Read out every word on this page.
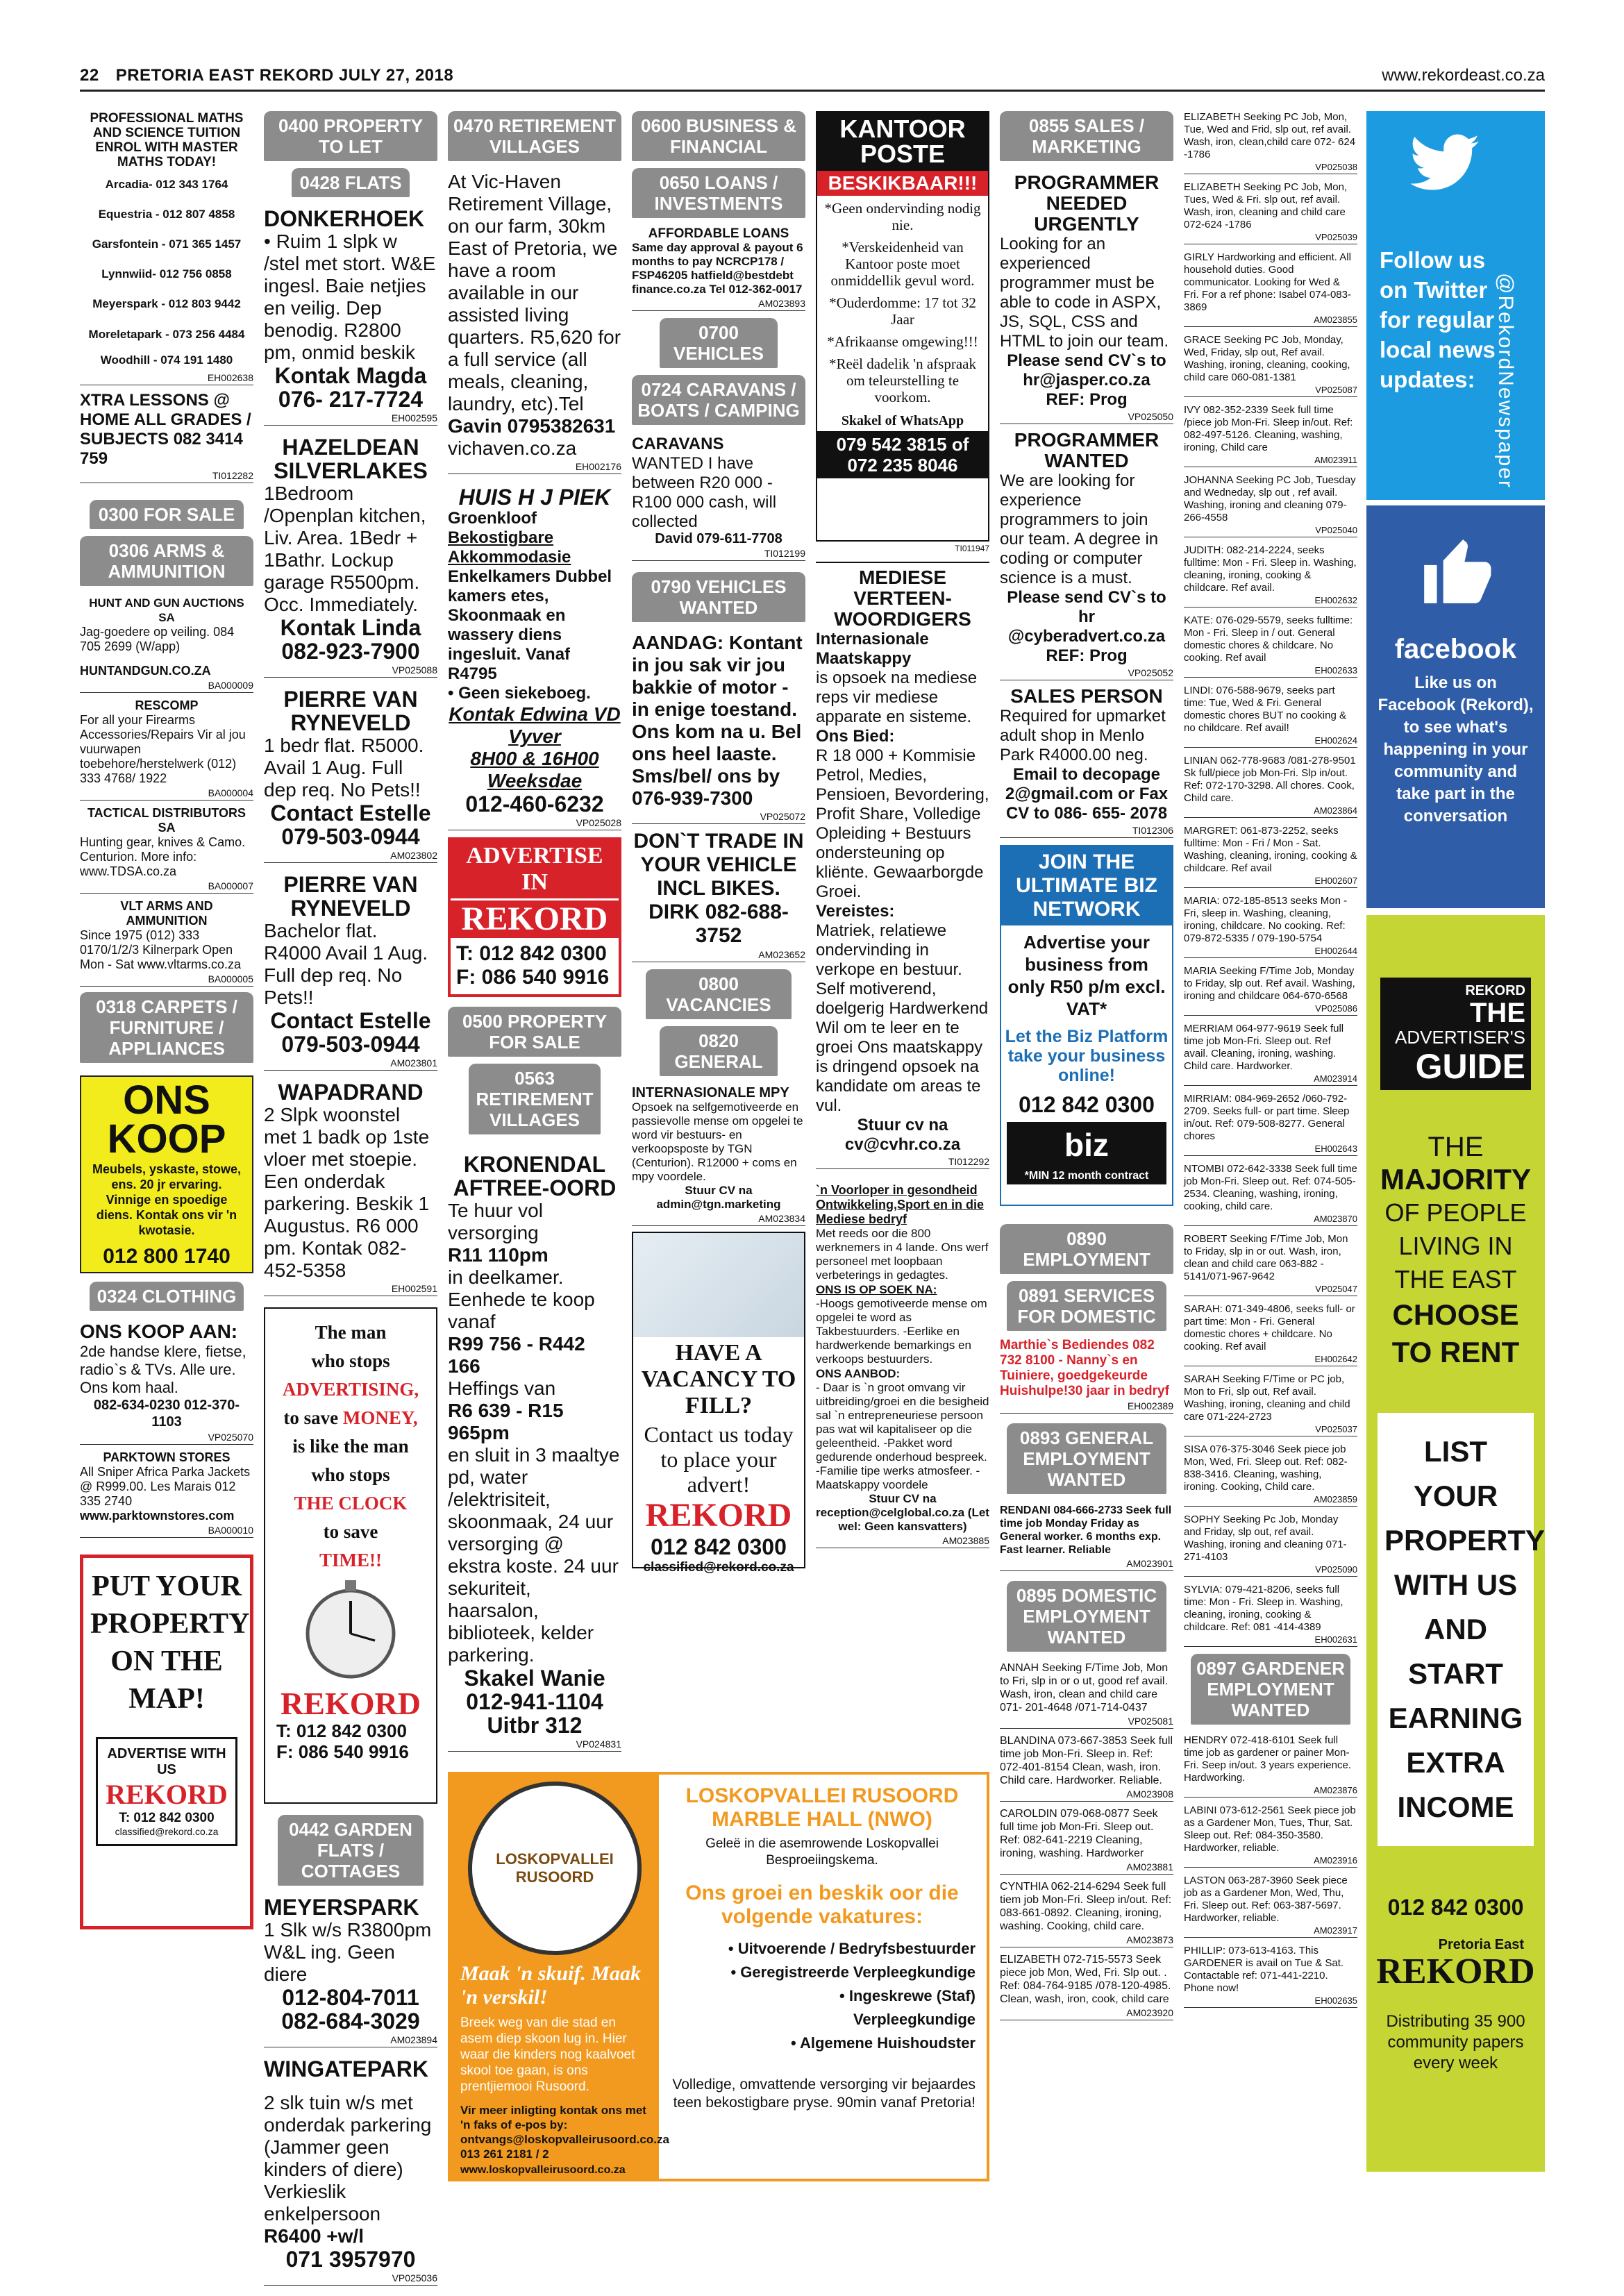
22 PRETORIA EAST REKORD JULY 27, 2018	www.rekordeast.co.za
PROFESSIONAL MATHS AND SCIENCE TUITION ENROL WITH MASTER MATHS TODAY!
Arcadia- 012 343 1764
Equestria - 012 807 4858
Garsfontein - 071 365 1457
Lynnwiid- 012 756 0858
Meyerspark - 012 803 9442
Moreletapark - 073 256 4484
Woodhill - 074 191 1480
EH002638
XTRA LESSONS @ HOME ALL GRADES / SUBJECTS 082 3414 759
TI012282
0300 FOR SALE
0306 ARMS & AMMUNITION
HUNT AND GUN AUCTIONS SA
Jag-goedere op veiling. 084 705 2699 (W/app)
HUNTANDGUN.CO.ZA
BA000009
RESCOMP
For all your Firearms Accessories/Repairs Vir al jou vuurwapen toebehore/herstelwerk (012) 333 4768/ 1922
BA000004
TACTICAL DISTRIBUTORS SA
Hunting gear, knives & Camo. Centurion. More info: www.TDSA.co.za
BA000007
VLT ARMS AND AMMUNITION
Since 1975 (012) 333 0170/1/2/3 Kilnerpark Open Mon - Sat www.vltarms.co.za
BA000005
0318 CARPETS / FURNITURE / APPLIANCES
ONS KOOP
Meubels, yskaste, stowe, ens. 20 jr ervaring. Vinnige en spoedige diens. Kontak ons vir 'n kwotasie.
012 800 1740
0324 CLOTHING
ONS KOOP AAN:
2de handse klere, fietse, radio`s & TVs. Alle ure. Ons kom haal.
082-634-0230 012-370-1103
VP025070
PARKTOWN STORES
All Sniper Africa Parka Jackets @ R999.00. Les Marais 012 335 2740
www.parktownstores.com
BA000010
PUT YOUR PROPERTY ON THE MAP!
ADVERTISE WITH US
REKORD
T: 012 842 0300
classified@rekord.co.za
0400 PROPERTY TO LET
0428 FLATS
DONKERHOEK
• Ruim 1 slpk w /stel met stort. W&E ingesl. Baie netjies en veilig. Dep benodig. R2800 pm, onmid beskik
Kontak Magda 076- 217-7724
EH002595
HAZELDEAN SILVERLAKES
1Bedroom /Openplan kitchen, Liv. Area. 1Bedr + 1Bathr. Lockup garage R5500pm. Occ. Immediately.
Kontak Linda 082-923-7900
VP025088
PIERRE VAN RYNEVELD
1 bedr flat. R5000. Avail 1 Aug. Full dep req. No Pets!!
Contact Estelle 079-503-0944
AM023802
PIERRE VAN RYNEVELD
Bachelor flat. R4000 Avail 1 Aug. Full dep req. No Pets!!
Contact Estelle 079-503-0944
AM023801
WAPADRAND
2 Slpk woonstel met 1 badk op 1ste vloer met stoepie. Een onderdak parkering. Beskik 1 Augustus. R6 000 pm. Kontak 082-452-5358
EH002591
The man
who stops
ADVERTISING,
to save MONEY,
is like the man
who stops
THE CLOCK
to save
TIME!!
REKORD
T: 012 842 0300
F: 086 540 9916
0442 GARDEN FLATS / COTTAGES
MEYERSPARK
1 Slk w/s R3800pm W&L ing. Geen diere
012-804-7011 082-684-3029
AM023894
WINGATEPARK
2 slk tuin w/s met onderdak parkering (Jammer geen kinders of diere) Verkieslik enkelpersoon
R6400 +w/l
071 3957970
VP025036
0470 RETIREMENT VILLAGES
At Vic-Haven Retirement Village, on our farm, 30km East of Pretoria, we have a room available in our assisted living quarters. R5,620 for a full service (all meals, cleaning, laundry, etc).Tel
Gavin 0795382631
vichaven.co.za
EH002176
HUIS H J PIEK
Groenkloof
Bekostigbare Akkommodasie
Enkelkamers Dubbel kamers etes, Skoonmaak en wassery diens ingesluit. Vanaf R4795
• Geen siekeboeg.
Kontak Edwina VD Vyver
8H00 & 16H00 Weeksdae
012-460-6232
VP025028
ADVERTISE IN
REKORD
T: 012 842 0300
F: 086 540 9916
0500 PROPERTY FOR SALE
0563 RETIREMENT VILLAGES
KRONENDAL AFTREE-OORD
Te huur vol versorging
R11 110pm
in deelkamer. Eenhede te koop vanaf
R99 756 - R442 166
Heffings van
R6 639 - R15 965pm
en sluit in 3 maaltye pd, water /elektrisiteit, skoonmaak, 24 uur versorging @ ekstra koste. 24 uur sekuriteit, haarsalon, biblioteek, kelder parkering.
Skakel Wanie 012-941-1104 Uitbr 312
VP024831
0600 BUSINESS & FINANCIAL
0650 LOANS / INVESTMENTS
AFFORDABLE LOANS
Same day approval & payout 6 months to pay NCRCP178 / FSP46205 hatfield@bestdebt finance.co.za Tel 012-362-0017
AM023893
0700 VEHICLES
0724 CARAVANS / BOATS / CAMPING
CARAVANS
WANTED I have between R20 000 - R100 000 cash, will collected
David 079-611-7708
TI012199
0790 VEHICLES WANTED
AANDAG: Kontant in jou sak vir jou bakkie of motor - in enige toestand. Ons kom na u. Bel ons heel laaste. Sms/bel/ ons by 076-939-7300
VP025072
DON`T TRADE IN YOUR VEHICLE INCL BIKES. DIRK 082-688-3752
AM023652
0800 VACANCIES
0820 GENERAL
INTERNASIONALE MPY
Opsoek na selfgemotiveerde en passievolle mense om opgelei te word vir bestuurs- en verkoopsposte by TGN (Centurion). R12000 + coms en mpy voordele.
Stuur CV na admin@tgn.marketing
AM023834
HAVE A VACANCY TO FILL?
Contact us today to place your advert!
REKORD
012 842 0300
classified@rekord.co.za
KANTOOR POSTE
BESKIKBAAR!!!
*Geen ondervinding nodig nie.
*Verskeidenheid van Kantoor poste moet onmiddellik gevul word.
*Ouderdomme: 17 tot 32 Jaar
*Afrikaanse omgewing!!!
*Reël dadelik 'n afspraak om teleurstelling te voorkom.
Skakel of WhatsApp
079 542 3815 of 072 235 8046
TI011947
MEDIESE VERTEEN-WOORDIGERS
Internasionale Maatskappy
is opsoek na mediese reps vir mediese apparate en sisteme.
Ons Bied:
R 18 000 + Kommisie Petrol, Medies, Pensioen, Bevordering, Profit Share, Volledige Opleiding + Bestuurs ondersteuning op kliënte. Gewaarborgde Groei.
Vereistes:
Matriek, relatiewe ondervinding in verkope en bestuur. Self motiverend, doelgerig Hardwerkend Wil om te leer en te groei Ons maatskappy is dringend opsoek na kandidate om areas te vul.
Stuur cv na cv@cvhr.co.za
TI012292
`n Voorloper in gesondheid
Ontwikkeling,Sport en in die Mediese bedryf
Met reeds oor die 800 werknemers in 4 lande. Ons werf personeel met loopbaan verbeterings in gedagtes.
ONS IS OP SOEK NA:
-Hoogs gemotiveerde mense om opgelei te word as Takbestuurders. -Eerlike en hardwerkende bemarkings en verkoops bestuurders.
ONS AANBOD:
- Daar is `n groot omvang vir uitbreiding/groei en die besigheid sal `n entrepreneuriese persoon pas wat wil kapitaliseer op die geleentheid. -Pakket word gedurende onderhoud bespreek. -Familie tipe werks atmosfeer. -Maatskappy voordele
Stuur CV na reception@celglobal.co.za (Let wel: Geen kansvatters)
AM023885
LOSKOPVALLEI RUSOORD
Maak 'n skuif. Maak 'n verskil!
Breek weg van die stad en asem diep skoon lug in. Hier waar die kinders nog kaalvoet skool toe gaan, is ons prentjiemooi Rusoord.
Vir meer inligting kontak ons met 'n faks of e-pos by: ontvangs@loskopvalleirusoord.co.za 013 261 2181 / 2
www.loskopvalleirusoord.co.za
LOSKOPVALLEI RUSOORD MARBLE HALL (NWO)
Geleë in die asemrowende Loskopvallei Besproeiingskema.
Ons groei en beskik oor die volgende vakatures:
• Uitvoerende / Bedryfsbestuurder
• Geregistreerde Verpleegkundige
• Ingeskrewe (Staf)
Verpleegkundige
• Algemene Huishoudster
Volledige, omvattende versorging vir bejaardes teen bekostigbare pryse. 90min vanaf Pretoria!
0855 SALES / MARKETING
PROGRAMMER NEEDED URGENTLY
Looking for an experienced programmer must be able to code in ASPX, JS, SQL, CSS and HTML to join our team.
Please send CV`s to hr@jasper.co.za
REF: Prog
VP025050
PROGRAMMER WANTED
We are looking for experience programmers to join our team. A degree in coding or computer science is a must.
Please send CV`s to hr @cyberadvert.co.za
REF: Prog
VP025052
SALES PERSON
Required for upmarket adult shop in Menlo Park R4000.00 neg.
Email to decopage 2@gmail.com or Fax CV to 086- 655- 2078
TI012306
JOIN THE ULTIMATE BIZ NETWORK
Advertise your business from only R50 p/m excl. VAT*
Let the Biz Platform take your business online!
012 842 0300
biz
*MIN 12 month contract
0890 EMPLOYMENT
0891 SERVICES FOR DOMESTIC
Marthie`s Bediendes 082 732 8100 - Nanny`s en Tuiniere, goedgekeurde Huishulpe!30 jaar in bedryf
EH002389
0893 GENERAL EMPLOYMENT WANTED
RENDANI 084-666-2733 Seek full time job Monday Friday as General worker. 6 months exp. Fast learner. Reliable
AM023901
0895 DOMESTIC EMPLOYMENT WANTED
ANNAH Seeking F/Time Job, Mon to Fri, slp in or o ut, good ref avail. Wash, iron, clean and child care 071- 201-4648 /071-714-0437
VP025081
BLANDINA 073-667-3853 Seek full time job Mon-Fri. Sleep in. Ref: 072-401-8154 Clean, wash, iron. Child care. Hardworker. Reliable.
AM023908
CAROLDIN 079-068-0877 Seek full time job Mon-Fri. Sleep out. Ref: 082-641-2219 Cleaning, ironing, washing. Hardworker
AM023881
CYNTHIA 062-214-6294 Seek full tiem job Mon-Fri. Sleep in/out. Ref: 083-661-0892. Cleaning, ironing, washing. Cooking, child care.
AM023873
ELIZABETH 072-715-5573 Seek piece job Mon, Wed, Fri. Slp out. . Ref: 084-764-9185 /078-120-4985. Clean, wash, iron, cook, child care
AM023920
ELIZABETH Seeking PC Job, Mon, Tue, Wed and Frid, slp out, ref avail. Wash, iron, clean,child care 072- 624 -1786
VP025038
ELIZABETH Seeking PC Job, Mon, Tues, Wed & Fri. slp out, ref avail. Wash, iron, cleaning and child care 072-624 -1786
VP025039
GIRLY Hardworking and efficient. All household duties. Good communicator. Looking for Wed & Fri. For a ref phone: Isabel 074-083-3869
AM023855
GRACE Seeking PC Job, Monday, Wed, Friday, slp out, Ref avail. Washing, ironing, cleaning, cooking, child care 060-081-1381
VP025087
IVY 082-352-2339 Seek full time /piece job Mon-Fri. Sleep in/out. Ref: 082-497-5126. Cleaning, washing, ironing, Child care
AM023911
JOHANNA Seeking PC Job, Tuesday and Wedneday, slp out , ref avail. Washing, ironing and cleaning 079-266-4558
VP025040
JUDITH: 082-214-2224, seeks fulltime: Mon - Fri. Sleep in. Washing, cleaning, ironing, cooking & childcare. Ref avail.
EH002632
KATE: 076-029-5579, seeks fulltime: Mon - Fri. Sleep in / out. General domestic chores & childcare. No cooking. Ref avail
EH002633
LINDI: 076-588-9679, seeks part time: Tue, Wed & Fri. General domestic chores BUT no cooking & no childcare. Ref avail!
EH002624
LINIAN 062-778-9683 /081-278-9501 Sk full/piece job Mon-Fri. Slp in/out. Ref: 072-170-3298. All chores. Cook, Child care.
AM023864
MARGRET: 061-873-2252, seeks fulltime: Mon - Fri / Mon - Sat. Washing, cleaning, ironing, cooking & childcare. Ref avail
EH002607
MARIA: 072-185-8513 seeks Mon - Fri, sleep in. Washing, cleaning, ironing, childcare. No cooking. Ref: 079-872-5335 / 079-190-5754
EH002644
MARIA Seeking F/Time Job, Monday to Friday, slp out. Ref avail. Washing, ironing and childcare 064-670-6568
VP025086
MERRIAM 064-977-9619 Seek full time job Mon-Fri. Sleep out. Ref avail. Cleaning, ironing, washing. Child care. Hardworker.
AM023914
MIRRIAM: 084-969-2652 /060-792-2709. Seeks full- or part time. Sleep in/out. Ref: 079-508-8277. General chores
EH002643
NTOMBI 072-642-3338 Seek full time job Mon-Fri. Sleep out. Ref: 074-505-2534. Cleaning, washing, ironing, cooking, child care.
AM023870
ROBERT Seeking F/Time Job, Mon to Friday, slp in or out. Wash, iron, clean and child care 063-882 - 5141/071-967-9642
VP025047
SARAH: 071-349-4806, seeks full- or part time: Mon - Fri. General domestic chores + childcare. No cooking. Ref avail
EH002642
SARAH Seeking F/Time or PC job, Mon to Fri, slp out, Ref avail. Washing, ironing, cleaning and child care 071-224-2723
VP025037
SISA 076-375-3046 Seek piece job Mon, Wed, Fri. Sleep out. Ref: 082-838-3416. Cleaning, washing, ironing. Cooking, Child care.
AM023859
SOPHY Seeking Pc Job, Monday and Friday, slp out, ref avail. Washing, ironing and cleaning 071-271-4103
VP025090
SYLVIA: 079-421-8206, seeks full time: Mon - Fri. Sleep in. Washing, cleaning, ironing, cooking & childcare. Ref: 081 -414-4389
EH002631
0897 GARDENER EMPLOYMENT WANTED
HENDRY 072-418-6101 Seek full time job as gardener or painer Mon-Fri. Seep in/out. 3 years experience. Hardworking.
AM023876
LABINI 073-612-2561 Seek piece job as a Gardener Mon, Tues, Thur, Sat. Sleep out. Ref: 084-350-3580. Hardworker, reliable.
AM023916
LASTON 063-287-3960 Seek piece job as a Gardener Mon, Wed, Thu, Fri. Sleep out. Ref: 063-387-5697. Hardworker, reliable.
AM023917
PHILLIP: 073-613-4163. This GARDENER is avail on Tue & Sat. Contactable ref: 071-441-2210. Phone now!
EH002635
Follow us on Twitter for regular local news updates: @RekordNewspaper
facebook
Like us on Facebook (Rekord), to see what's happening in your community and take part in the conversation
REKORD
THE
ADVERTISER'S
GUIDE
THE
MAJORITY
OF PEOPLE LIVING IN THE EAST
CHOOSE TO RENT
LIST YOUR PROPERTY WITH US AND START EARNING EXTRA INCOME
012 842 0300
Pretoria East
REKORD
Distributing 35 900 community papers every week
